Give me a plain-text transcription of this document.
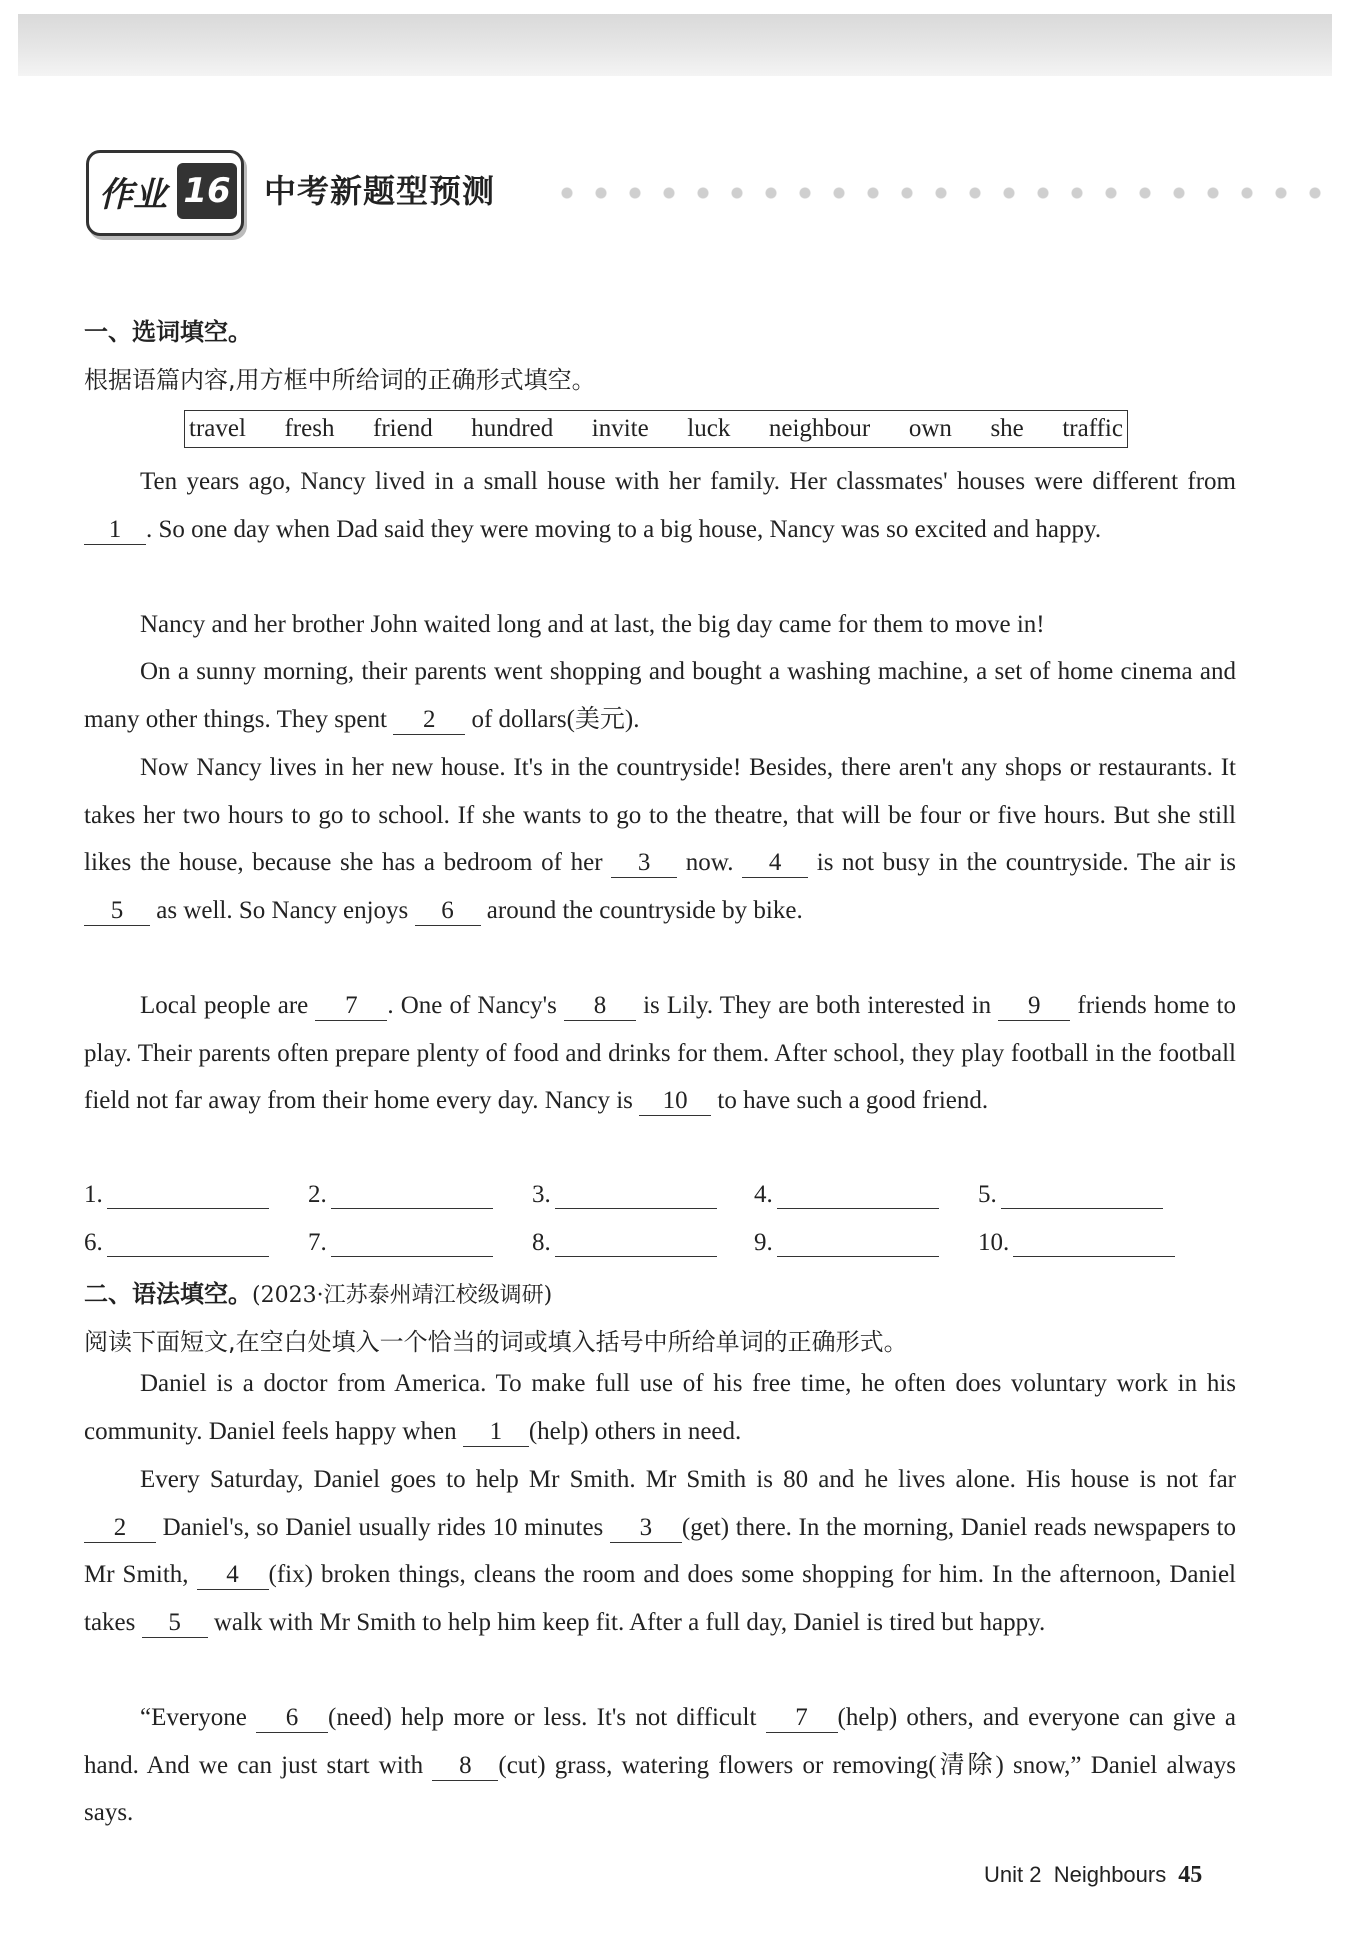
作业 16 中考新题型预测
一、选词填空。
根据语篇内容,用方框中所给词的正确形式填空。
travel fresh friend hundred invite luck neighbour own she traffic

Ten years ago, Nancy lived in a small house with her family. Her classmates' houses were different from 1 . So one day when Dad said they were moving to a big house, Nancy was so excited and happy.

Nancy and her brother John waited long and at last, the big day came for them to move in!

On a sunny morning, their parents went shopping and bought a washing machine, a set of home cinema and many other things. They spent 2 of dollars(美元).

Now Nancy lives in her new house. It's in the countryside! Besides, there aren't any shops or restaurants. It takes her two hours to go to school. If she wants to go to the theatre, that will be four or five hours. But she still likes the house, because she has a bedroom of her 3 now. 4 is not busy in the countryside. The air is 5 as well. So Nancy enjoys 6 around the countryside by bike.

Local people are 7 . One of Nancy's 8 is Lily. They are both interested in 9 friends home to play. Their parents often prepare plenty of food and drinks for them. After school, they play football in the football field not far away from their home every day. Nancy is 10 to have such a good friend.

1.	2.	3.	4.	5.
6.	7.	8.	9.	10.
二、语法填空。(2023·江苏泰州靖江校级调研)
阅读下面短文,在空白处填入一个恰当的词或填入括号中所给单词的正确形式。

Daniel is a doctor from America. To make full use of his free time, he often does voluntary work in his community. Daniel feels happy when 1 (help) others in need.

Every Saturday, Daniel goes to help Mr Smith. Mr Smith is 80 and he lives alone. His house is not far 2 Daniel's, so Daniel usually rides 10 minutes 3 (get) there. In the morning, Daniel reads newspapers to Mr Smith, 4 (fix) broken things, cleans the room and does some shopping for him. In the afternoon, Daniel takes 5 walk with Mr Smith to help him keep fit. After a full day, Daniel is tired but happy.

“Everyone 6 (need) help more or less. It's not difficult 7 (help) others, and everyone can give a hand. And we can just start with 8 (cut) grass, watering flowers or removing(清除) snow,” Daniel always says.

Unit 2 Neighbours 45
